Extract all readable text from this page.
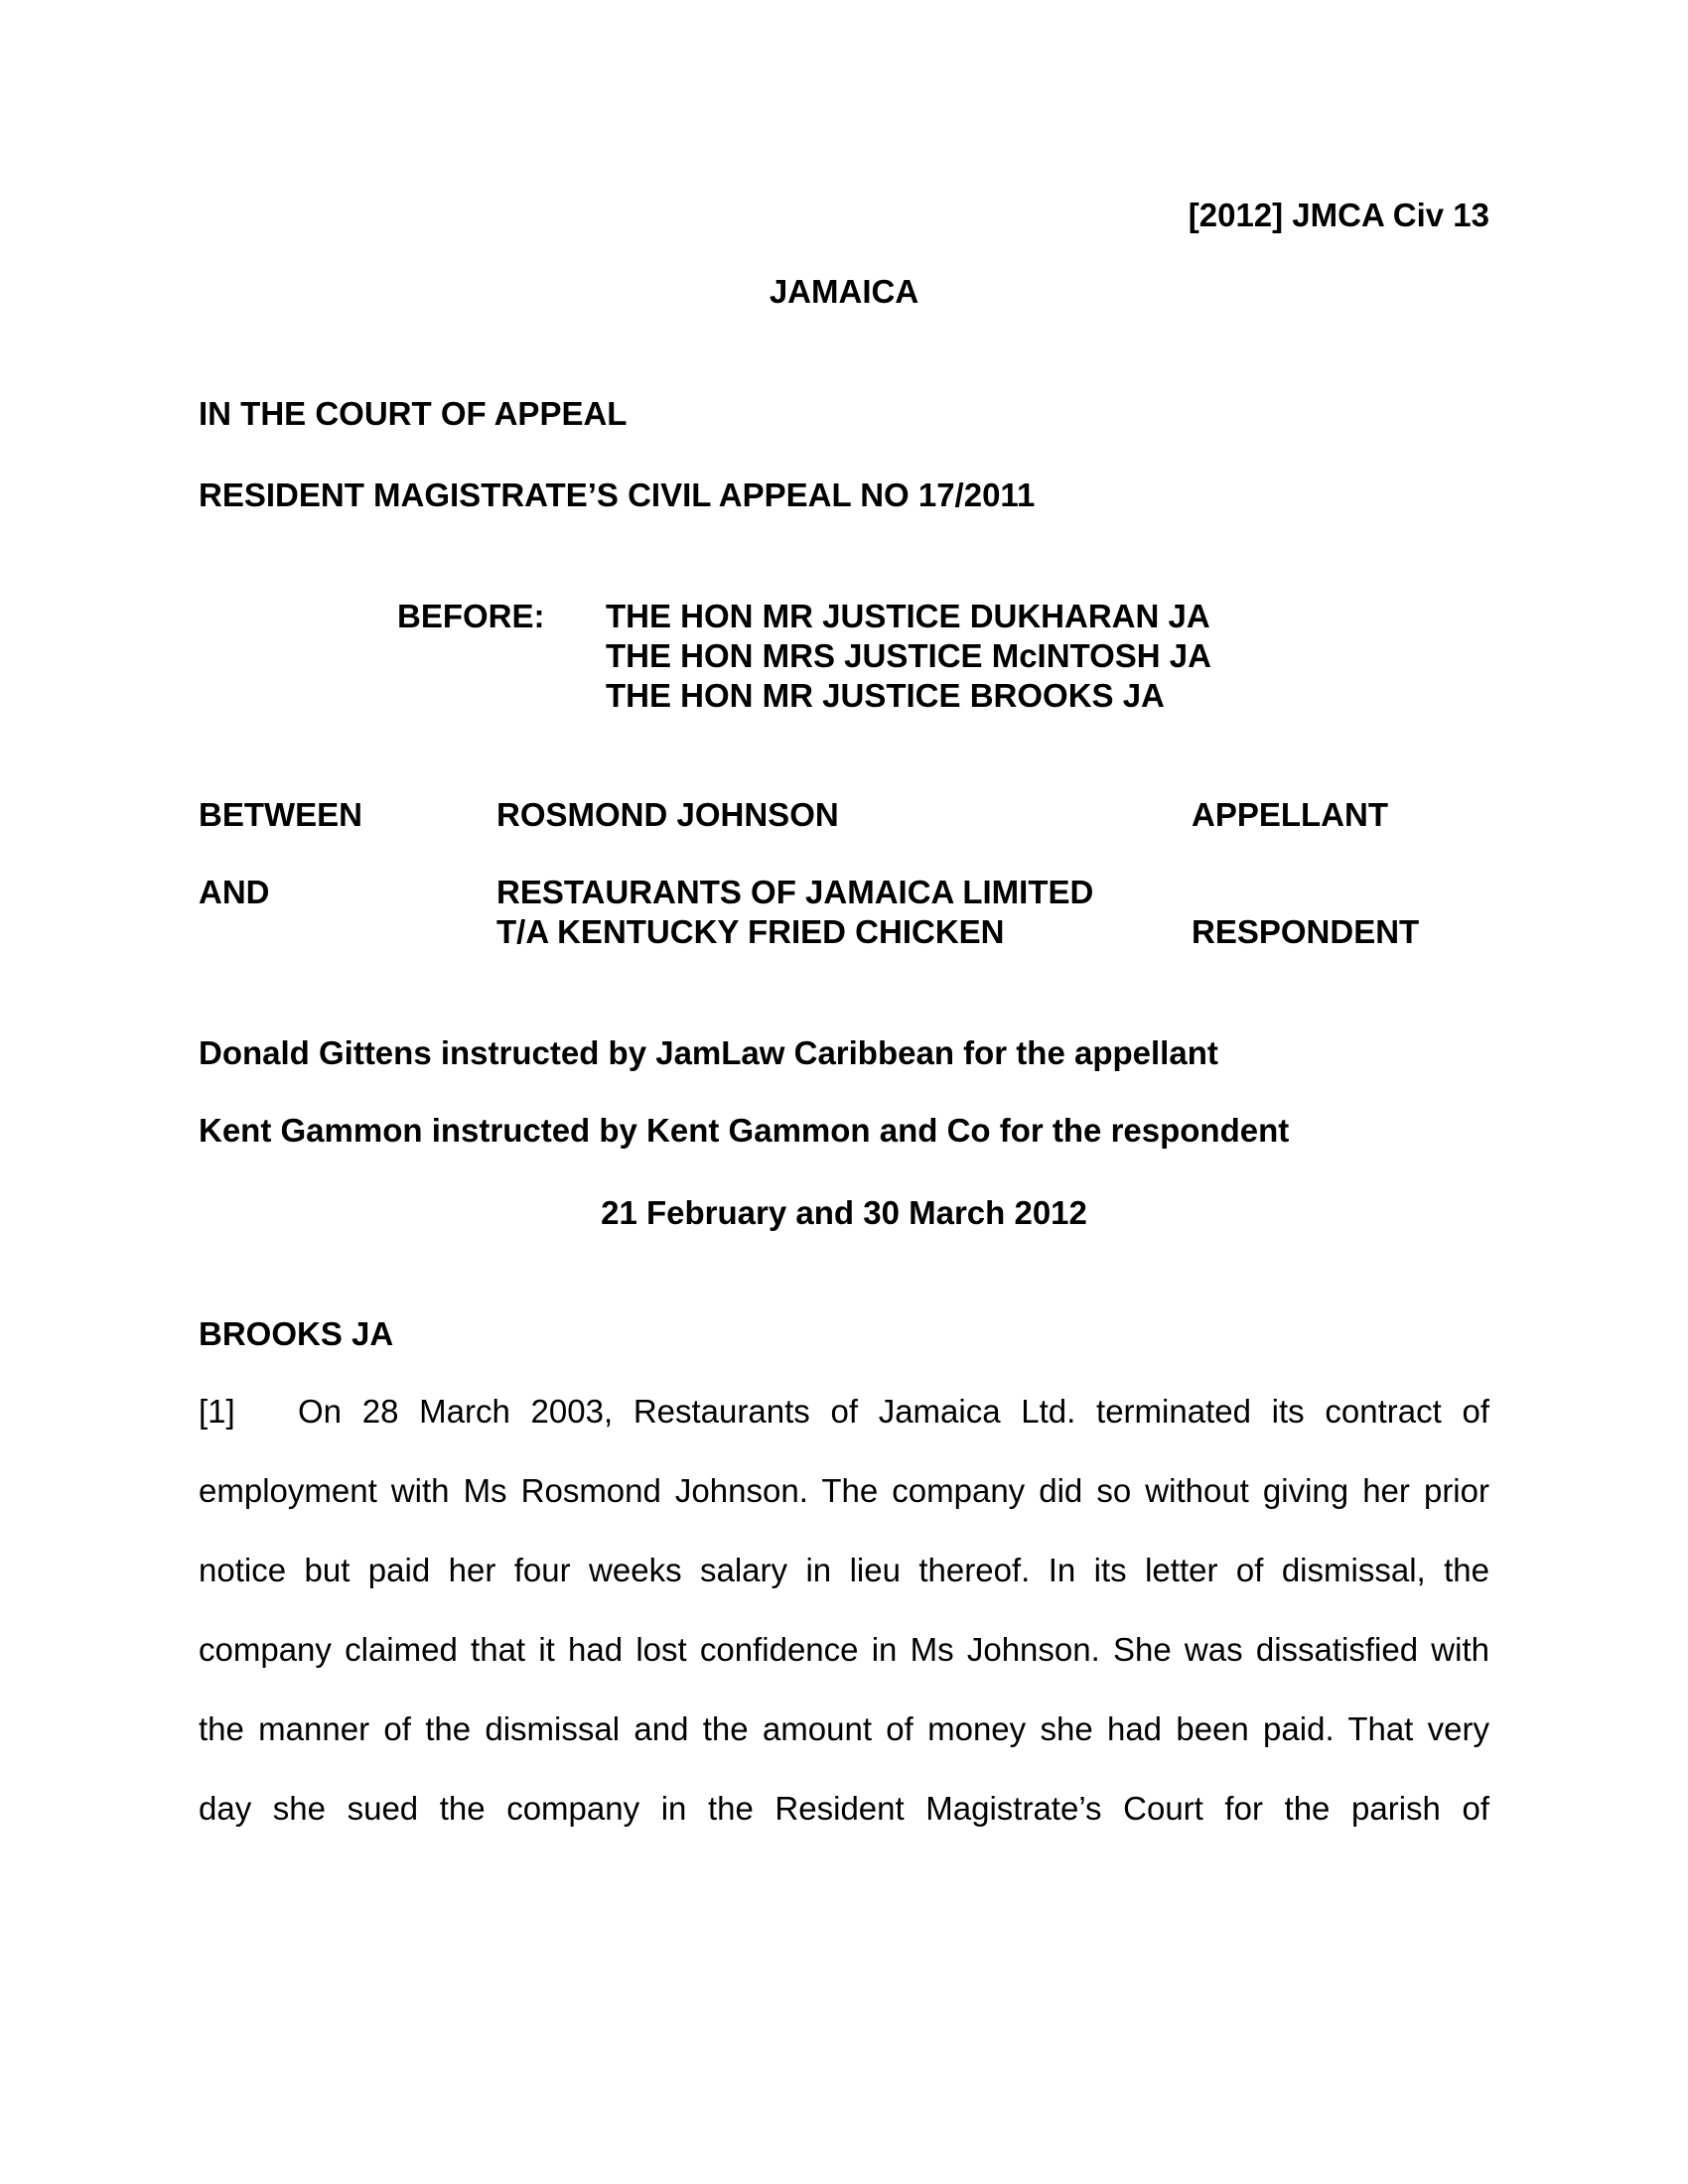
[2012] JMCA Civ 13
JAMAICA
IN THE COURT OF APPEAL
RESIDENT MAGISTRATE’S CIVIL APPEAL NO 17/2011
BEFORE:	THE HON MR JUSTICE DUKHARAN JA
THE HON MRS JUSTICE McINTOSH JA
THE HON MR JUSTICE BROOKS JA
BETWEEN	ROSMOND JOHNSON	APPELLANT
AND	RESTAURANTS OF JAMAICA LIMITED
T/A KENTUCKY FRIED CHICKEN	RESPONDENT
Donald Gittens instructed by JamLaw Caribbean for the appellant
Kent Gammon instructed by Kent Gammon and Co for the respondent
21 February and 30 March 2012
BROOKS JA
[1] On 28 March 2003, Restaurants of Jamaica Ltd. terminated its contract of
employment with Ms Rosmond Johnson. The company did so without giving her prior
notice but paid her four weeks salary in lieu thereof. In its letter of dismissal, the
company claimed that it had lost confidence in Ms Johnson. She was dissatisfied with
the manner of the dismissal and the amount of money she had been paid. That very
day she sued the company in the Resident Magistrate’s Court for the parish of
